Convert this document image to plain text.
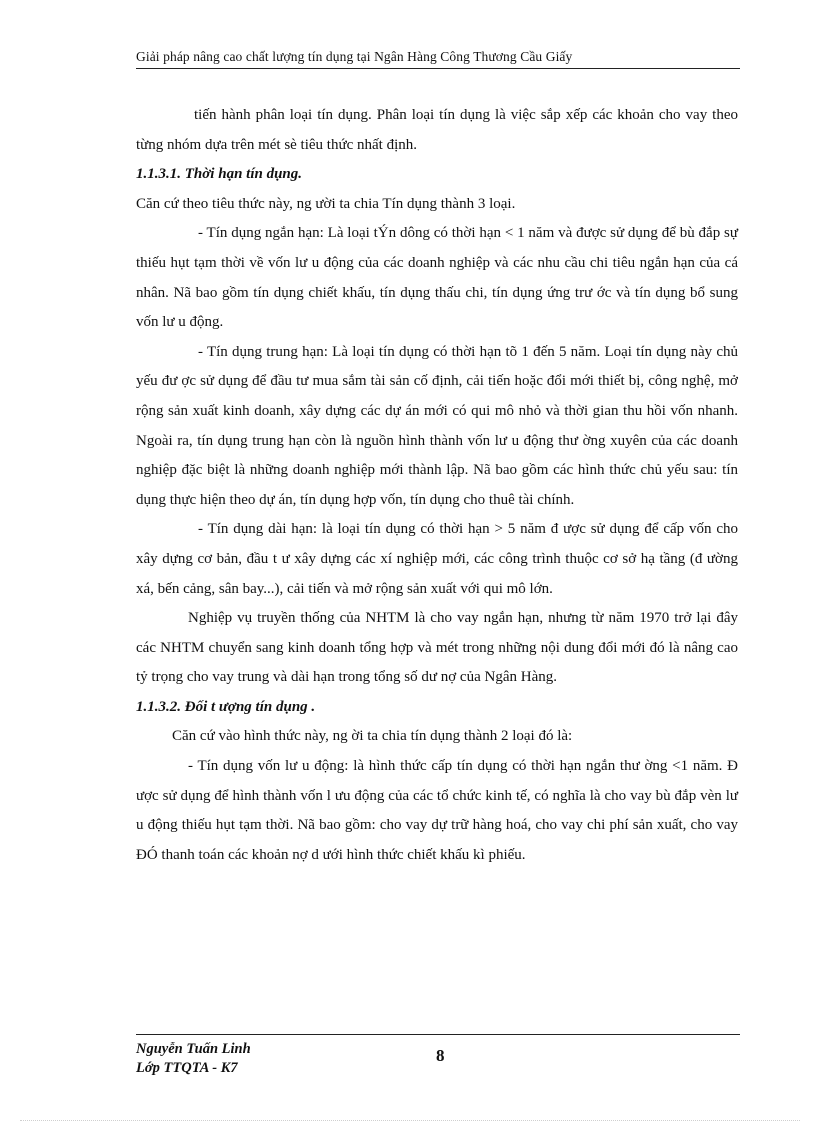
Giải pháp nâng cao chất lượng tín dụng tại Ngân Hàng Công Thương Cầu Giấy

tiến hành phân loại tín dụng. Phân loại tín dụng là việc sắp xếp các khoản cho vay theo từng nhóm dựa trên mét sè tiêu thức nhất định.

1.1.3.1. Thời hạn tín dụng.

Căn cứ theo tiêu thức này, ng ười ta chia Tín dụng thành 3 loại.

- Tín dụng ngắn hạn: Là loại tÝn dông có thời hạn < 1 năm và được sử dụng để bù đắp sự thiếu hụt tạm thời về vốn lư u động của các doanh nghiệp và các nhu cầu chi tiêu ngắn hạn của cá nhân. Nã bao gồm tín dụng chiết khấu, tín dụng thấu chi, tín dụng ứng trư ớc và tín dụng bổ sung vốn lư u động.

- Tín dụng trung hạn: Là loại tín dụng có thời hạn tõ 1 đến 5 năm. Loại tín dụng này chủ yếu đư ợc sử dụng để đầu tư mua sắm tài sản cố định, cải tiến hoặc đổi mới thiết bị, công nghệ, mở rộng sản xuất kinh doanh, xây dựng các dự án mới có qui mô nhỏ và thời gian thu hồi vốn nhanh. Ngoài ra, tín dụng trung hạn còn là nguồn hình thành vốn lư u động thư ờng xuyên của các doanh nghiệp đặc biệt là những doanh nghiệp mới thành lập. Nã bao gồm các hình thức chủ yếu sau: tín dụng thực hiện theo dự án, tín dụng hợp vốn, tín dụng cho thuê tài chính.

- Tín dụng dài hạn: là loại tín dụng có thời hạn > 5 năm đ ược sử dụng để cấp vốn cho xây dựng cơ bản, đầu t ư xây dựng các xí nghiệp mới, các công trình thuộc cơ sở hạ tầng (đ ường xá, bến cảng, sân bay...), cải tiến và mở rộng sản xuất với qui mô lớn.

Nghiệp vụ truyền thống của NHTM là cho vay ngắn hạn, nhưng từ năm 1970 trở lại đây các NHTM chuyển sang kinh doanh tổng hợp và mét trong những nội dung đổi mới đó là nâng cao tỷ trọng cho vay trung và dài hạn trong tổng số dư nợ của Ngân Hàng.

1.1.3.2. Đối t ượng tín dụng .

Căn cứ vào hình thức này, ng ời ta chia tín dụng thành 2 loại đó là:

- Tín dụng vốn lư u động: là hình thức cấp tín dụng có thời hạn ngắn thư ờng <1 năm. Đ ược sử dụng để hình thành vốn l ưu động của các tổ chức kinh tế, có nghĩa là cho vay bù đắp vèn lư u động thiếu hụt tạm thời. Nã bao gồm: cho vay dự trữ hàng hoá, cho vay chi phí sản xuất, cho vay ĐÓ thanh toán các khoản nợ d ưới hình thức chiết khấu kì phiếu.

Nguyễn Tuấn Linh
Lớp TTQTA - K7
8
